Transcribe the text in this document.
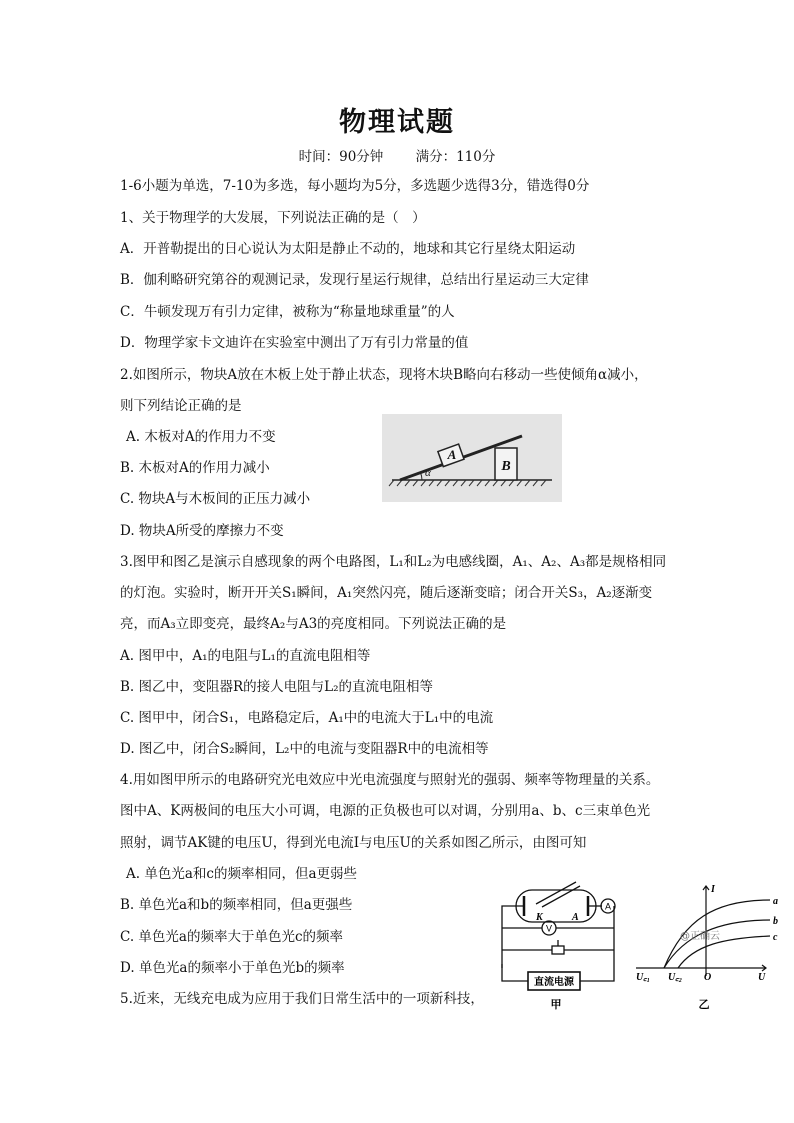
物理试题
时间：90分钟 满分：110分
1-6小题为单选，7-10为多选，每小题均为5分，多选题少选得3分，错选得0分
1、关于物理学的大发展，下列说法正确的是（　）
A．开普勒提出的日心说认为太阳是静止不动的，地球和其它行星绕太阳运动
B．伽利略研究第谷的观测记录，发现行星运行规律，总结出行星运动三大定律
C．牛顿发现万有引力定律，被称为“称量地球重量”的人
D．物理学家卡文迪许在实验室中测出了万有引力常量的值
2.如图所示，物块A放在木板上处于静止状态，现将木块B略向右移动一些使倾角α减小，
则下列结论正确的是
A. 木板对A的作用力不变
B. 木板对A的作用力减小
C. 物块A与木板间的正压力减小
D. 物块A所受的摩擦力不变
B
A
α
3.图甲和图乙是演示自感现象的两个电路图，L₁和L₂为电感线圈，A₁、A₂、A₃都是规格相同
的灯泡。实验时，断开开关S₁瞬间，A₁突然闪亮，随后逐渐变暗；闭合开关S₃，A₂逐渐变
亮，而A₃立即变亮，最终A₂与A3的亮度相同。下列说法正确的是
A. 图甲中，A₁的电阻与L₁的直流电阻相等
B. 图乙中，变阻器R的接人电阻与L₂的直流电阻相等
C. 图甲中，闭合S₁，电路稳定后，A₁中的电流大于L₁中的电流
D. 图乙中，闭合S₂瞬间，L₂中的电流与变阻器R中的电流相等
4.用如图甲所示的电路研究光电效应中光电流强度与照射光的强弱、频率等物理量的关系。
图中A、K两极间的电压大小可调，电源的正负极也可以对调，分别用a、b、c三束单色光
照射，调节AK键的电压U，得到光电流I与电压U的关系如图乙所示，由图可知
A. 单色光a和c的频率相同，但a更弱些
B. 单色光a和b的频率相同，但a更强些
C. 单色光a的频率大于单色光c的频率
D. 单色光a的频率小于单色光b的频率
K	A
A
V
直流电源
甲
I
U
O
U꜀₁ U꜀₂
a
b
c
@正确云
乙
5.近来，无线充电成为应用于我们日常生活中的一项新科技，
